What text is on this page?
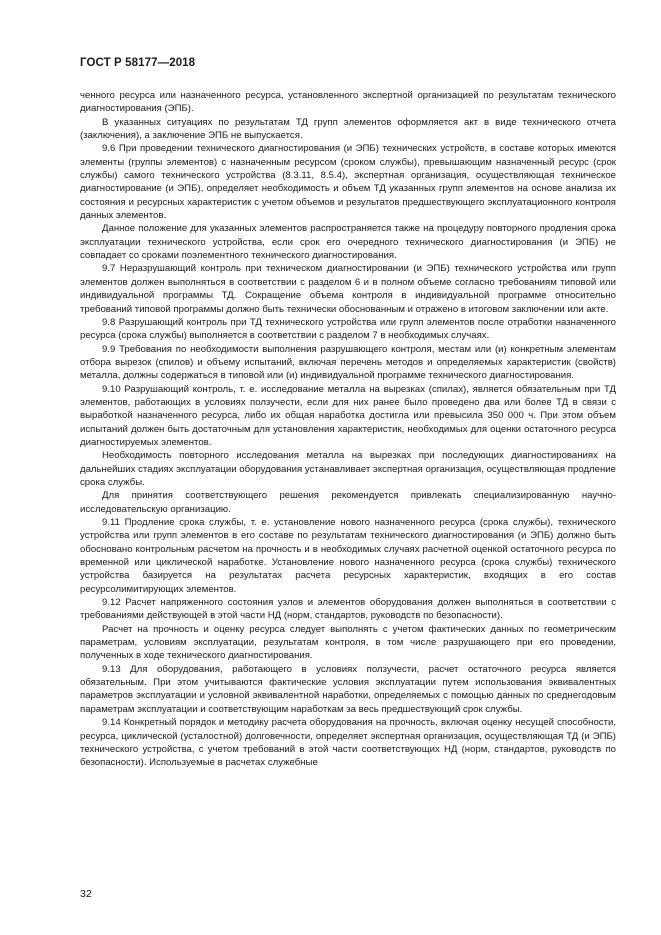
ГОСТ Р 58177—2018

ченного ресурса или назначенного ресурса, установленного экспертной организацией по результатам технического диагностирования (ЭПБ).

В указанных ситуациях по результатам ТД групп элементов оформляется акт в виде технического отчета (заключения), а заключение ЭПБ не выпускается.

9.6 При проведении технического диагностирования (и ЭПБ) технических устройств, в составе которых имеются элементы (группы элементов) с назначенным ресурсом (сроком службы), превышающим назначенный ресурс (срок службы) самого технического устройства (8.3.11, 8.5.4), экспертная организация, осуществляющая техническое диагностирование (и ЭПБ), определяет необходимость и объем ТД указанных групп элементов на основе анализа их состояния и ресурсных характеристик с учетом объемов и результатов предшествующего эксплуатационного контроля данных элементов.

Данное положение для указанных элементов распространяется также на процедуру повторного продления срока эксплуатации технического устройства, если срок его очередного технического диагностирования (и ЭПБ) не совпадает со сроками поэлементного технического диагностирования.

9.7 Неразрушающий контроль при техническом диагностировании (и ЭПБ) технического устройства или групп элементов должен выполняться в соответствии с разделом 6 и в полном объеме согласно требованиям типовой или индивидуальной программы ТД. Сокращение объема контроля в индивидуальной программе относительно требований типовой программы должно быть технически обоснованным и отражено в итоговом заключении или акте.

9.8 Разрушающий контроль при ТД технического устройства или групп элементов после отработки назначенного ресурса (срока службы) выполняется в соответствии с разделом 7 в необходимых случаях.

9.9 Требования по необходимости выполнения разрушающего контроля, местам или (и) конкретным элементам отбора вырезок (спилов) и объему испытаний, включая перечень методов и определяемых характеристик (свойств) металла, должны содержаться в типовой или (и) индивидуальной программе технического диагностирования.

9.10 Разрушающий контроль, т. е. исследование металла на вырезках (спилах), является обязательным при ТД элементов, работающих в условиях ползучести, если для них ранее было проведено два или более ТД в связи с выработкой назначенного ресурса, либо их общая наработка достигла или превысила 350 000 ч. При этом объем испытаний должен быть достаточным для установления характеристик, необходимых для оценки остаточного ресурса диагностируемых элементов.

Необходимость повторного исследования металла на вырезках при последующих диагностированиях на дальнейших стадиях эксплуатации оборудования устанавливает экспертная организация, осуществляющая продление срока службы.

Для принятия соответствующего решения рекомендуется привлекать специализированную научно-исследовательскую организацию.

9.11 Продление срока службы, т. е. установление нового назначенного ресурса (срока службы), технического устройства или групп элементов в его составе по результатам технического диагностирования (и ЭПБ) должно быть обосновано контрольным расчетом на прочность и в необходимых случаях расчетной оценкой остаточного ресурса по временной или циклической наработке. Установление нового назначенного ресурса (срока службы) технического устройства базируется на результатах расчета ресурсных характеристик, входящих в его состав ресурсолимитирующих элементов.

9.12 Расчет напряженного состояния узлов и элементов оборудования должен выполняться в соответствии с требованиями действующей в этой части НД (норм, стандартов, руководств по безопасности).

Расчет на прочность и оценку ресурса следует выполнять с учетом фактических данных по геометрическим параметрам, условиям эксплуатации, результатам контроля, в том числе разрушающего при его проведении, полученных в ходе технического диагностирования.

9.13 Для оборудования, работающего в условиях ползучести, расчет остаточного ресурса является обязательным. При этом учитываются фактические условия эксплуатации путем использования эквивалентных параметров эксплуатации и условной эквивалентной наработки, определяемых с помощью данных по среднегодовым параметрам эксплуатации и соответствующим наработкам за весь предшествующий срок службы.

9.14 Конкретный порядок и методику расчета оборудования на прочность, включая оценку несущей способности, ресурса, циклической (усталостной) долговечности, определяет экспертная организация, осуществляющая ТД (и ЭПБ) технического устройства, с учетом требований в этой части соответствующих НД (норм, стандартов, руководств по безопасности). Используемые в расчетах служебные

32
